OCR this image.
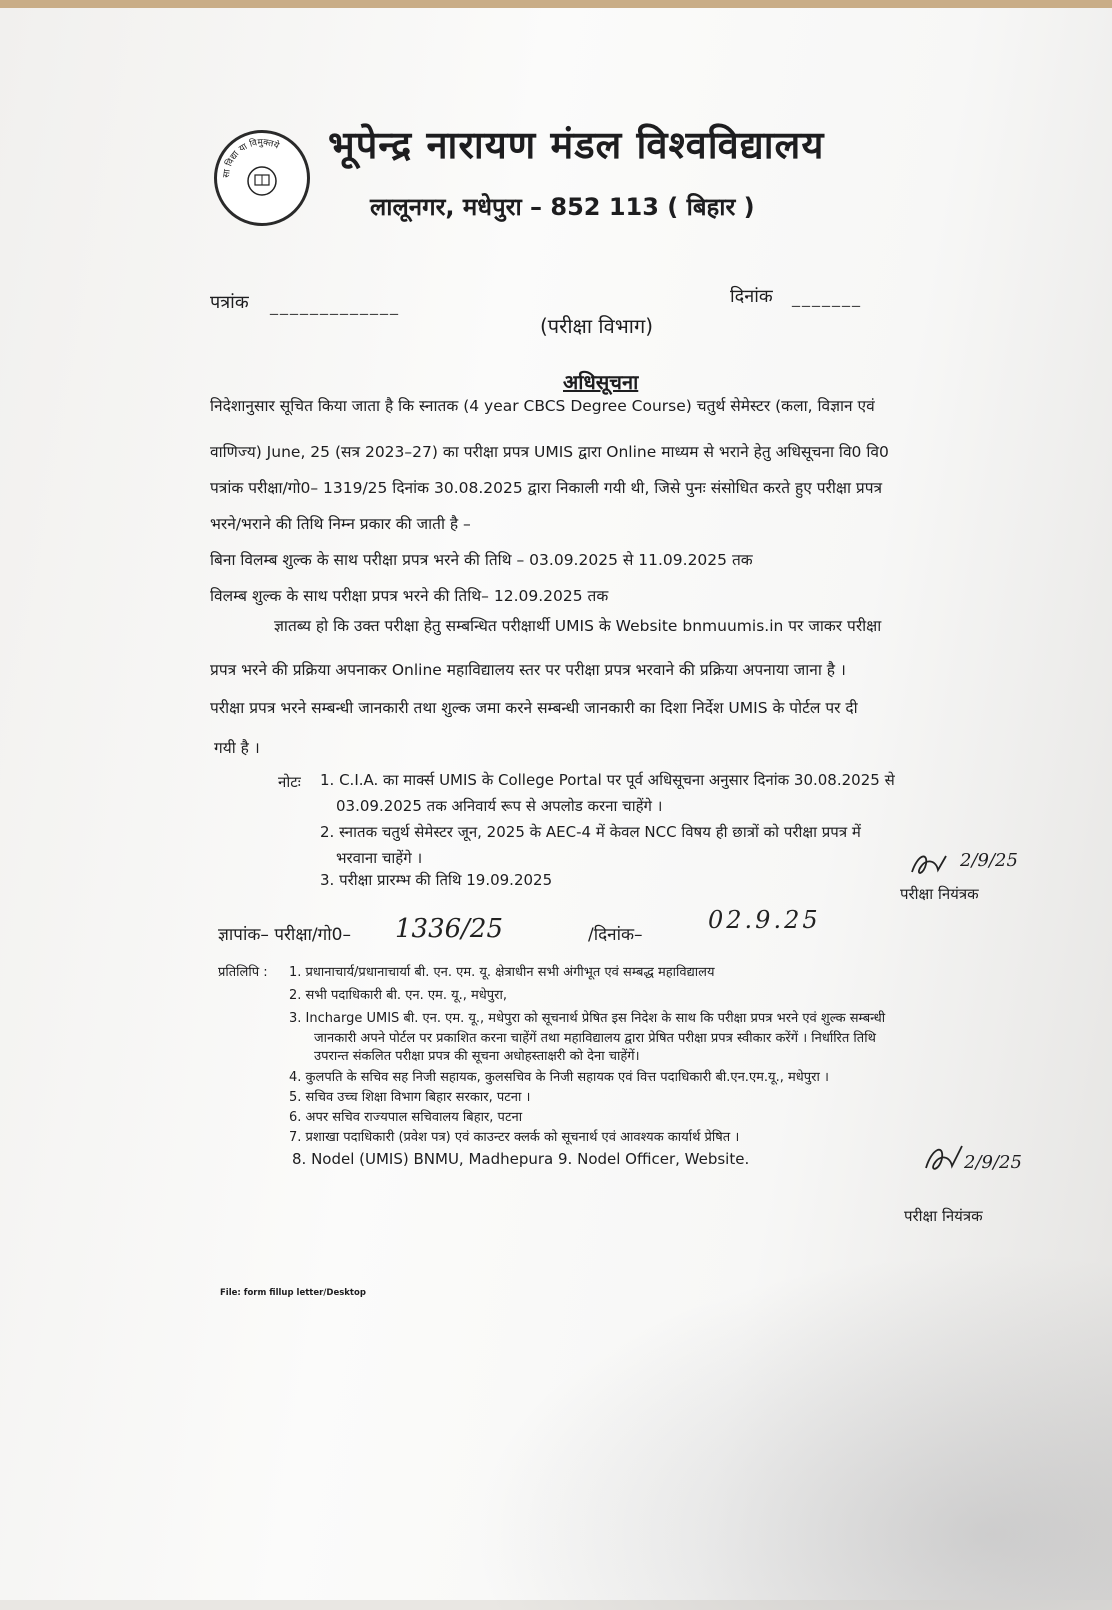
सा विद्या या विमुक्तये भूपेन्द्र नारायण मंडल विश्वविद्यालय
लालूनगर, मधेपुरा – 852 113 ( बिहार )
पत्रांक _____________	दिनांक _______
(परीक्षा विभाग)
अधिसूचना
निदेशानुसार सूचित किया जाता है कि स्नातक (4 year CBCS Degree Course) चतुर्थ सेमेस्टर (कला, विज्ञान एवं
वाणिज्य) June, 25 (सत्र 2023–27) का परीक्षा प्रपत्र UMIS द्वारा Online माध्यम से भराने हेतु अधिसूचना वि0 वि0
पत्रांक परीक्षा/गो0– 1319/25 दिनांक 30.08.2025 द्वारा निकाली गयी थी, जिसे पुनः संसोधित करते हुए परीक्षा प्रपत्र
भरने/भराने की तिथि निम्न प्रकार की जाती है –
बिना विलम्ब शुल्क के साथ परीक्षा प्रपत्र भरने की तिथि – 03.09.2025 से 11.09.2025 तक
विलम्ब शुल्क के साथ परीक्षा प्रपत्र भरने की तिथि– 12.09.2025 तक
ज्ञातब्य हो कि उक्त परीक्षा हेतु सम्बन्धित परीक्षार्थी UMIS के Website bnmuumis.in पर जाकर परीक्षा
प्रपत्र भरने की प्रक्रिया अपनाकर Online महाविद्यालय स्तर पर परीक्षा प्रपत्र भरवाने की प्रक्रिया अपनाया जाना है ।
परीक्षा प्रपत्र भरने सम्बन्धी जानकारी तथा शुल्क जमा करने सम्बन्धी जानकारी का दिशा निर्देश UMIS के पोर्टल पर दी
गयी है ।
नोटः 1. C.I.A. का मार्क्स UMIS के College Portal पर पूर्व अधिसूचना अनुसार दिनांक 30.08.2025 से
03.09.2025 तक अनिवार्य रूप से अपलोड करना चाहेंगे ।
2. स्नातक चतुर्थ सेमेस्टर जून, 2025 के AEC-4 में केवल NCC विषय ही छात्रों को परीक्षा प्रपत्र में
भरवाना चाहेंगे ।
3. परीक्षा प्रारम्भ की तिथि 19.09.2025
2/9/25
परीक्षा नियंत्रक
ज्ञापांक– परीक्षा/गो0– 1336/25	/दिनांक–
02.9.25
प्रतिलिपि : 1. प्रधानाचार्य/प्रधानाचार्या बी. एन. एम. यू. क्षेत्राधीन सभी अंगीभूत एवं सम्बद्ध महाविद्यालय
2. सभी पदाधिकारी बी. एन. एम. यू., मधेपुरा,
3. Incharge UMIS बी. एन. एम. यू., मधेपुरा को सूचनार्थ प्रेषित इस निदेश के साथ कि परीक्षा प्रपत्र भरने एवं शुल्क सम्बन्धी
जानकारी अपने पोर्टल पर प्रकाशित करना चाहेंगें तथा महाविद्यालय द्वारा प्रेषित परीक्षा प्रपत्र स्वीकार करेंगें । निर्धारित तिथि
उपरान्त संकलित परीक्षा प्रपत्र की सूचना अधोहस्ताक्षरी को देना चाहेंगें।
4. कुलपति के सचिव सह निजी सहायक, कुलसचिव के निजी सहायक एवं वित्त पदाधिकारी बी.एन.एम.यू., मधेपुरा ।
5. सचिव उच्च शिक्षा विभाग बिहार सरकार, पटना ।
6. अपर सचिव राज्यपाल सचिवालय बिहार, पटना
7. प्रशाखा पदाधिकारी (प्रवेश पत्र) एवं काउन्टर क्लर्क को सूचनार्थ एवं आवश्यक कार्यार्थ प्रेषित ।
8. Nodel (UMIS) BNMU, Madhepura 9. Nodel Officer, Website.	2/9/25
परीक्षा नियंत्रक
File: form fillup letter/Desktop
